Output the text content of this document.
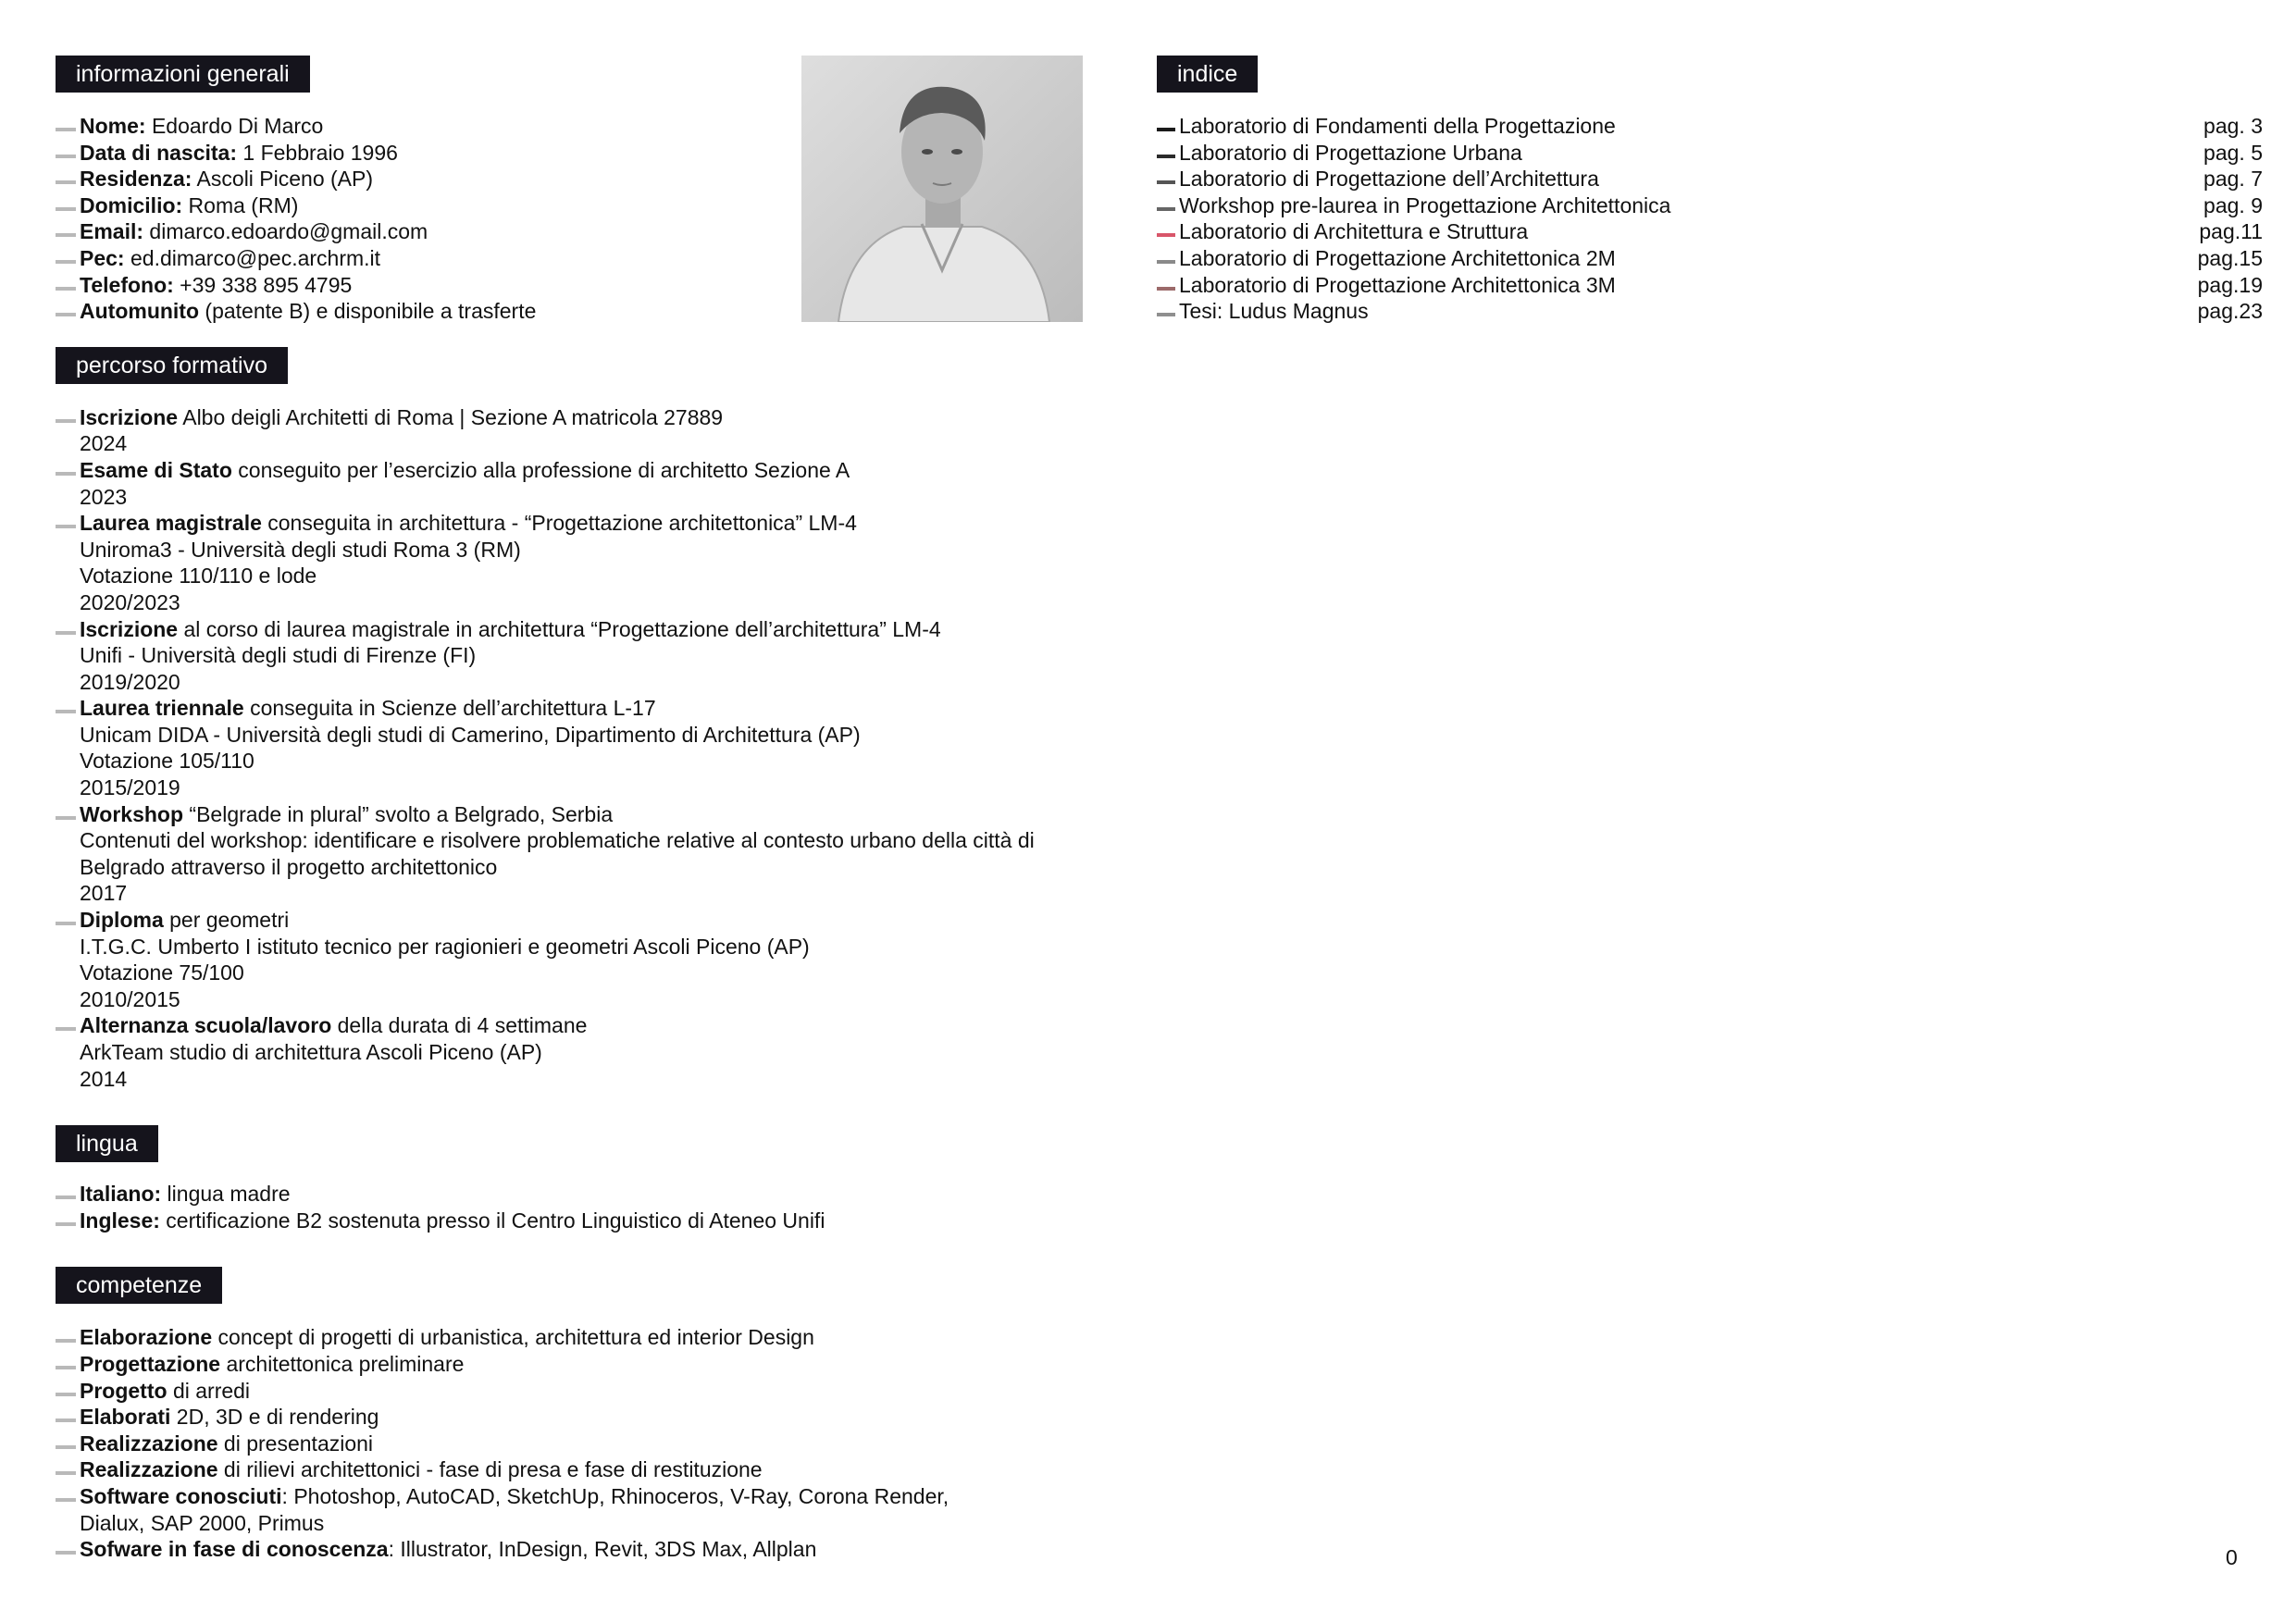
informazioni generali
Nome: Edoardo Di Marco
Data di nascita: 1 Febbraio 1996
Residenza: Ascoli Piceno (AP)
Domicilio: Roma (RM)
Email: dimarco.edoardo@gmail.com
Pec: ed.dimarco@pec.archrm.it
Telefono: +39 338 895 4795
Automunito (patente B) e disponibile a trasferte
percorso formativo
Iscrizione Albo deigli Architetti di Roma | Sezione A matricola 27889
2024
Esame di Stato conseguito per l’esercizio alla professione di architetto Sezione A
2023
Laurea magistrale conseguita in architettura - “Progettazione architettonica” LM-4
Uniroma3 - Università degli studi Roma 3 (RM)
Votazione 110/110 e lode
2020/2023
Iscrizione al corso di laurea magistrale in architettura “Progettazione dell’architettura” LM-4
Unifi - Università degli studi di Firenze (FI)
2019/2020
Laurea triennale conseguita in Scienze dell’architettura L-17
Unicam DIDA - Università degli studi di Camerino, Dipartimento di Architettura (AP)
Votazione 105/110
2015/2019
Workshop “Belgrade in plural” svolto a Belgrado, Serbia
Contenuti del workshop: identificare e risolvere problematiche relative al contesto urbano della città di
Belgrado attraverso il progetto architettonico
2017
Diploma per geometri
I.T.G.C. Umberto I istituto tecnico per ragionieri e geometri Ascoli Piceno (AP)
Votazione 75/100
2010/2015
Alternanza scuola/lavoro della durata di 4 settimane
ArkTeam studio di architettura Ascoli Piceno (AP)
2014
lingua
Italiano: lingua madre
Inglese: certificazione B2 sostenuta presso il Centro Linguistico di Ateneo Unifi
competenze
Elaborazione concept di progetti di urbanistica, architettura ed interior Design
Progettazione architettonica preliminare
Progetto di arredi
Elaborati 2D, 3D e di rendering
Realizzazione di presentazioni
Realizzazione di rilievi architettonici - fase di presa e fase di restituzione
Software conosciuti: Photoshop, AutoCAD, SketchUp, Rhinoceros, V-Ray, Corona Render,
Dialux, SAP 2000, Primus
Sofware in fase di conoscenza: Illustrator, InDesign, Revit, 3DS Max, Allplan
indice
Laboratorio di Fondamenti della Progettazione	pag. 3
Laboratorio di Progettazione Urbana	pag. 5
Laboratorio di Progettazione dell’Architettura	pag. 7
Workshop pre-laurea in Progettazione Architettonica	pag. 9
Laboratorio di Architettura e Struttura	pag.11
Laboratorio di Progettazione Architettonica 2M	pag.15
Laboratorio di Progettazione Architettonica 3M	pag.19
Tesi: Ludus Magnus	pag.23
0
